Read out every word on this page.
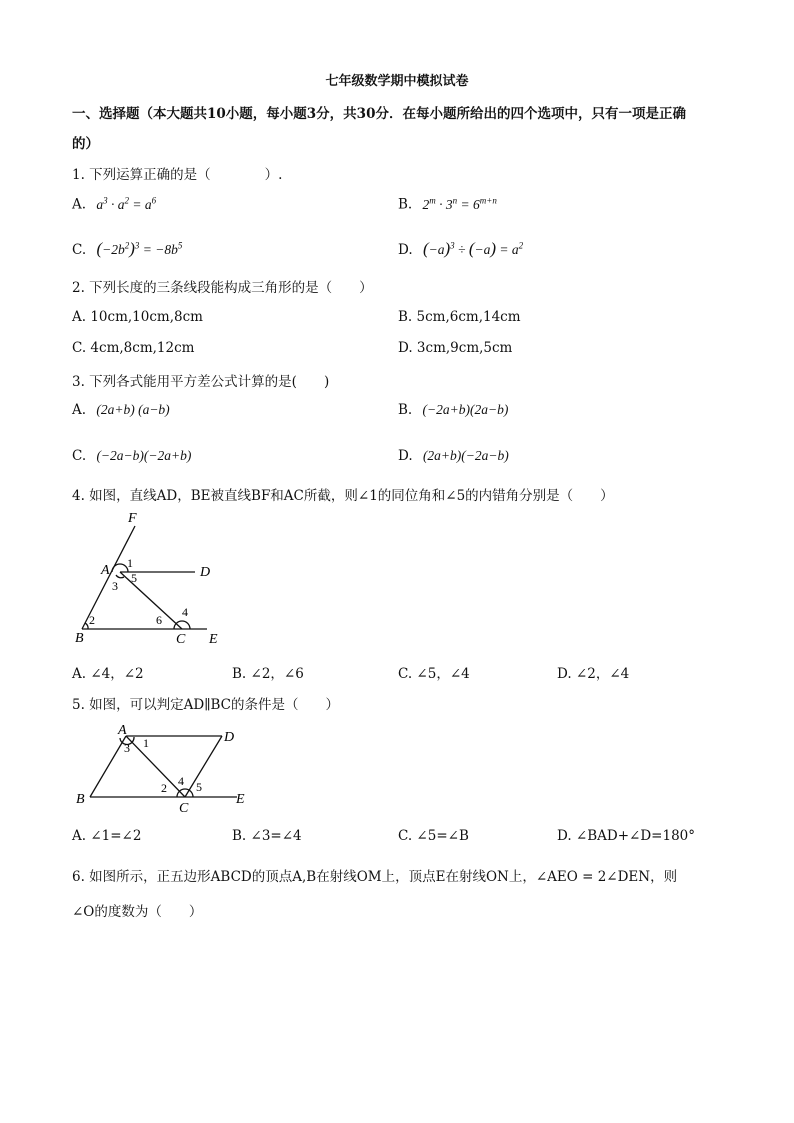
七年级数学期中模拟试卷
一、选择题（本大题共10小题，每小题3分，共30分．在每小题所给出的四个选项中，只有一项是正确
的）
1. 下列运算正确的是（　　　　）.
A. $a^3 \cdot a^2 = a^6$	B. $2^m \cdot 3^n = 6^{m+n}$
C. $(-2b^2)^3 = -8b^5$	D. $(-a)^3 \div (-a) = a^2$
2. 下列长度的三条线段能构成三角形的是（　　）
A. 10cm,10cm,8cm	B. 5cm,6cm,14cm
C. 4cm,8cm,12cm	D. 3cm,9cm,5cm
3. 下列各式能用平方差公式计算的是(　　)
A. (2a+b) (a−b)	B. (−2a+b)(2a−b)
C. (−2a−b)(−2a+b)	D. (2a+b)(−2a−b)
4. 如图，直线AD，BE被直线BF和AC所截，则∠1的同位角和∠5的内错角分别是（　　）
F
A	D
B	C E
1
2
3
4
5
6
A. ∠4，∠2	B. ∠2，∠6	C. ∠5，∠4	D. ∠2，∠4
5. 如图，可以判定AD∥BC的条件是（　　）
A	D
B
C
E
1
2
3
4 5
A. ∠1=∠2	B. ∠3=∠4	C. ∠5=∠B	D. ∠BAD+∠D=180°
6. 如图所示，正五边形ABCD的顶点A,B在射线OM上，顶点E在射线ON上，∠AEO = 2∠DEN，则
∠O的度数为（　　）
